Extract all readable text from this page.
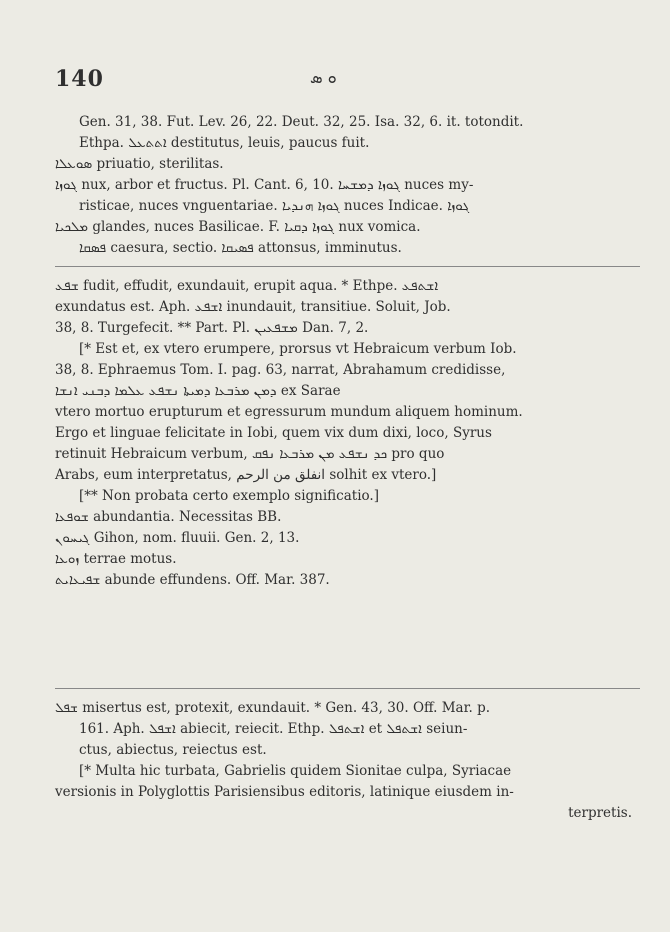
140	ܘ ܣ
Gen. 31, 38. Fut. Lev. 26, 22. Deut. 32, 25. Isa. 32, 6. it. totondit.
Ethpa. ܐܬܬܥܠ destitutus, leuis, paucus fuit.
ܣܘܥܠܐ priuatio, sterilitas.
ܓܘܙܐ nux, arbor et fructus. Pl. Cant. 6, 10. ܓܘܙܐ ܕܡܫܚܐ nuces my-
risticae, nuces vnguentariae. ܓܘܙܐ ܗܢܕܝܐ nuces Indicae. ܓܘܙܐ
ܡܠܟܝܐ glandes, nuces Basilicae. F. ܓܘܙܐ ܕܩܝܐ nux vomica.
ܦܣܩܐ caesura, sectio. ܦܣܝܩܐ attonsus, imminutus.
ܫܦܥ fudit, effudit, exundauit, erupit aqua. * Ethpe. ܐܫܬܦܥ
exundatus est. Aph. ܐܫܦܥ inundauit, transitiue. Soluit, Job.
38, 8. Turgefecit. ** Part. Pl. ܡܫܦܥܝܢ Dan. 7, 2.
[* Est et, ex vtero erumpere, prorsus vt Hebraicum verbum Iob.
38, 8. Ephraemus Tom. I. pag. 63, narrat, Abrahamum credidisse,
ܕܡܢ ܡܪܒܥܐ ܕܡܝܬܐ ܢܫܦܥ ܥܠܡܐ ܕܒܢܝ ܐܢܫܐ ex Sarae
vtero mortuo erupturum et egressurum mundum aliquem hominum.
Ergo et linguae felicitate in Iobi, quem vix dum dixi, loco, Syrus
retinuit Hebraicum verbum, ܟܕ ܢܫܦܥ ܡܢ ܡܪܒܥܐ ܢܦܩ pro quo
Arabs, eum interpretatus, انفلق من الرحم solhit ex vtero.]
[** Non probata certo exemplo significatio.]
ܫܘܦܥܐ abundantia. Necessitas BB.
ܓܝܚܘܢ Gihon, nom. fluuii. Gen. 2, 13.
ܙܘܥܐ terrae motus.
ܫܦܝܥܐܝܬ abunde effundens. Off. Mar. 387.
ܫܦܠ misertus est, protexit, exundauit. * Gen. 43, 30. Off. Mar. p.
161. Aph. ܐܫܦܠ abiecit, reiecit. Ethp. ܐܫܬܦܠ et ܐܫܬܦܠ seiun-
ctus, abiectus, reiectus est.
[* Multa hic turbata, Gabrielis quidem Sionitae culpa, Syriacae
versionis in Polyglottis Parisiensibus editoris, latinique eiusdem in-
terpretis.
